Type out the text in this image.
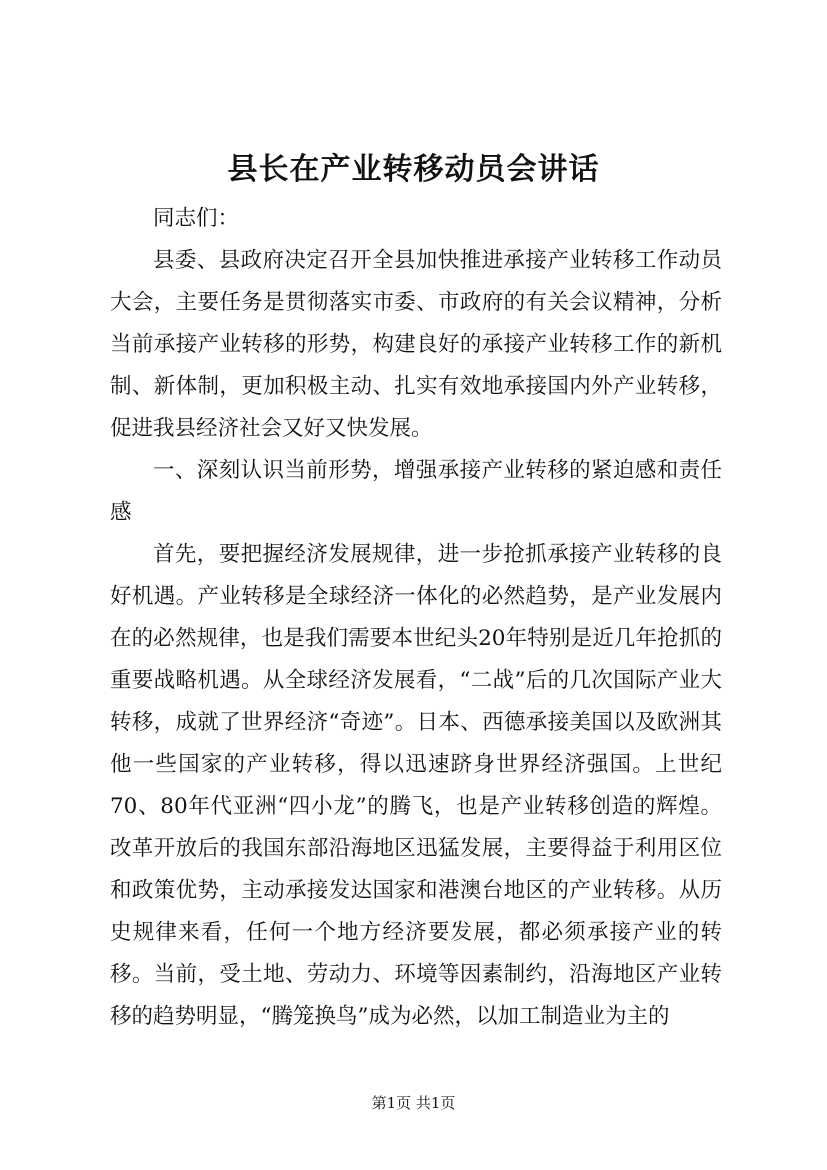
县长在产业转移动员会讲话

同志们：

县委、县政府决定召开全县加快推进承接产业转移工作动员大会，主要任务是贯彻落实市委、市政府的有关会议精神，分析当前承接产业转移的形势，构建良好的承接产业转移工作的新机制、新体制，更加积极主动、扎实有效地承接国内外产业转移，促进我县经济社会又好又快发展。

一、深刻认识当前形势，增强承接产业转移的紧迫感和责任感

首先，要把握经济发展规律，进一步抢抓承接产业转移的良好机遇。产业转移是全球经济一体化的必然趋势，是产业发展内在的必然规律，也是我们需要本世纪头20年特别是近几年抢抓的重要战略机遇。从全球经济发展看，“二战”后的几次国际产业大转移，成就了世界经济“奇迹”。日本、西德承接美国以及欧洲其他一些国家的产业转移，得以迅速跻身世界经济强国。上世纪70、80年代亚洲“四小龙”的腾飞，也是产业转移创造的辉煌。改革开放后的我国东部沿海地区迅猛发展，主要得益于利用区位和政策优势，主动承接发达国家和港澳台地区的产业转移。从历史规律来看，任何一个地方经济要发展，都必须承接产业的转移。当前，受土地、劳动力、环境等因素制约，沿海地区产业转移的趋势明显，“腾笼换鸟”成为必然，以加工制造业为主的

第1页 共1页
